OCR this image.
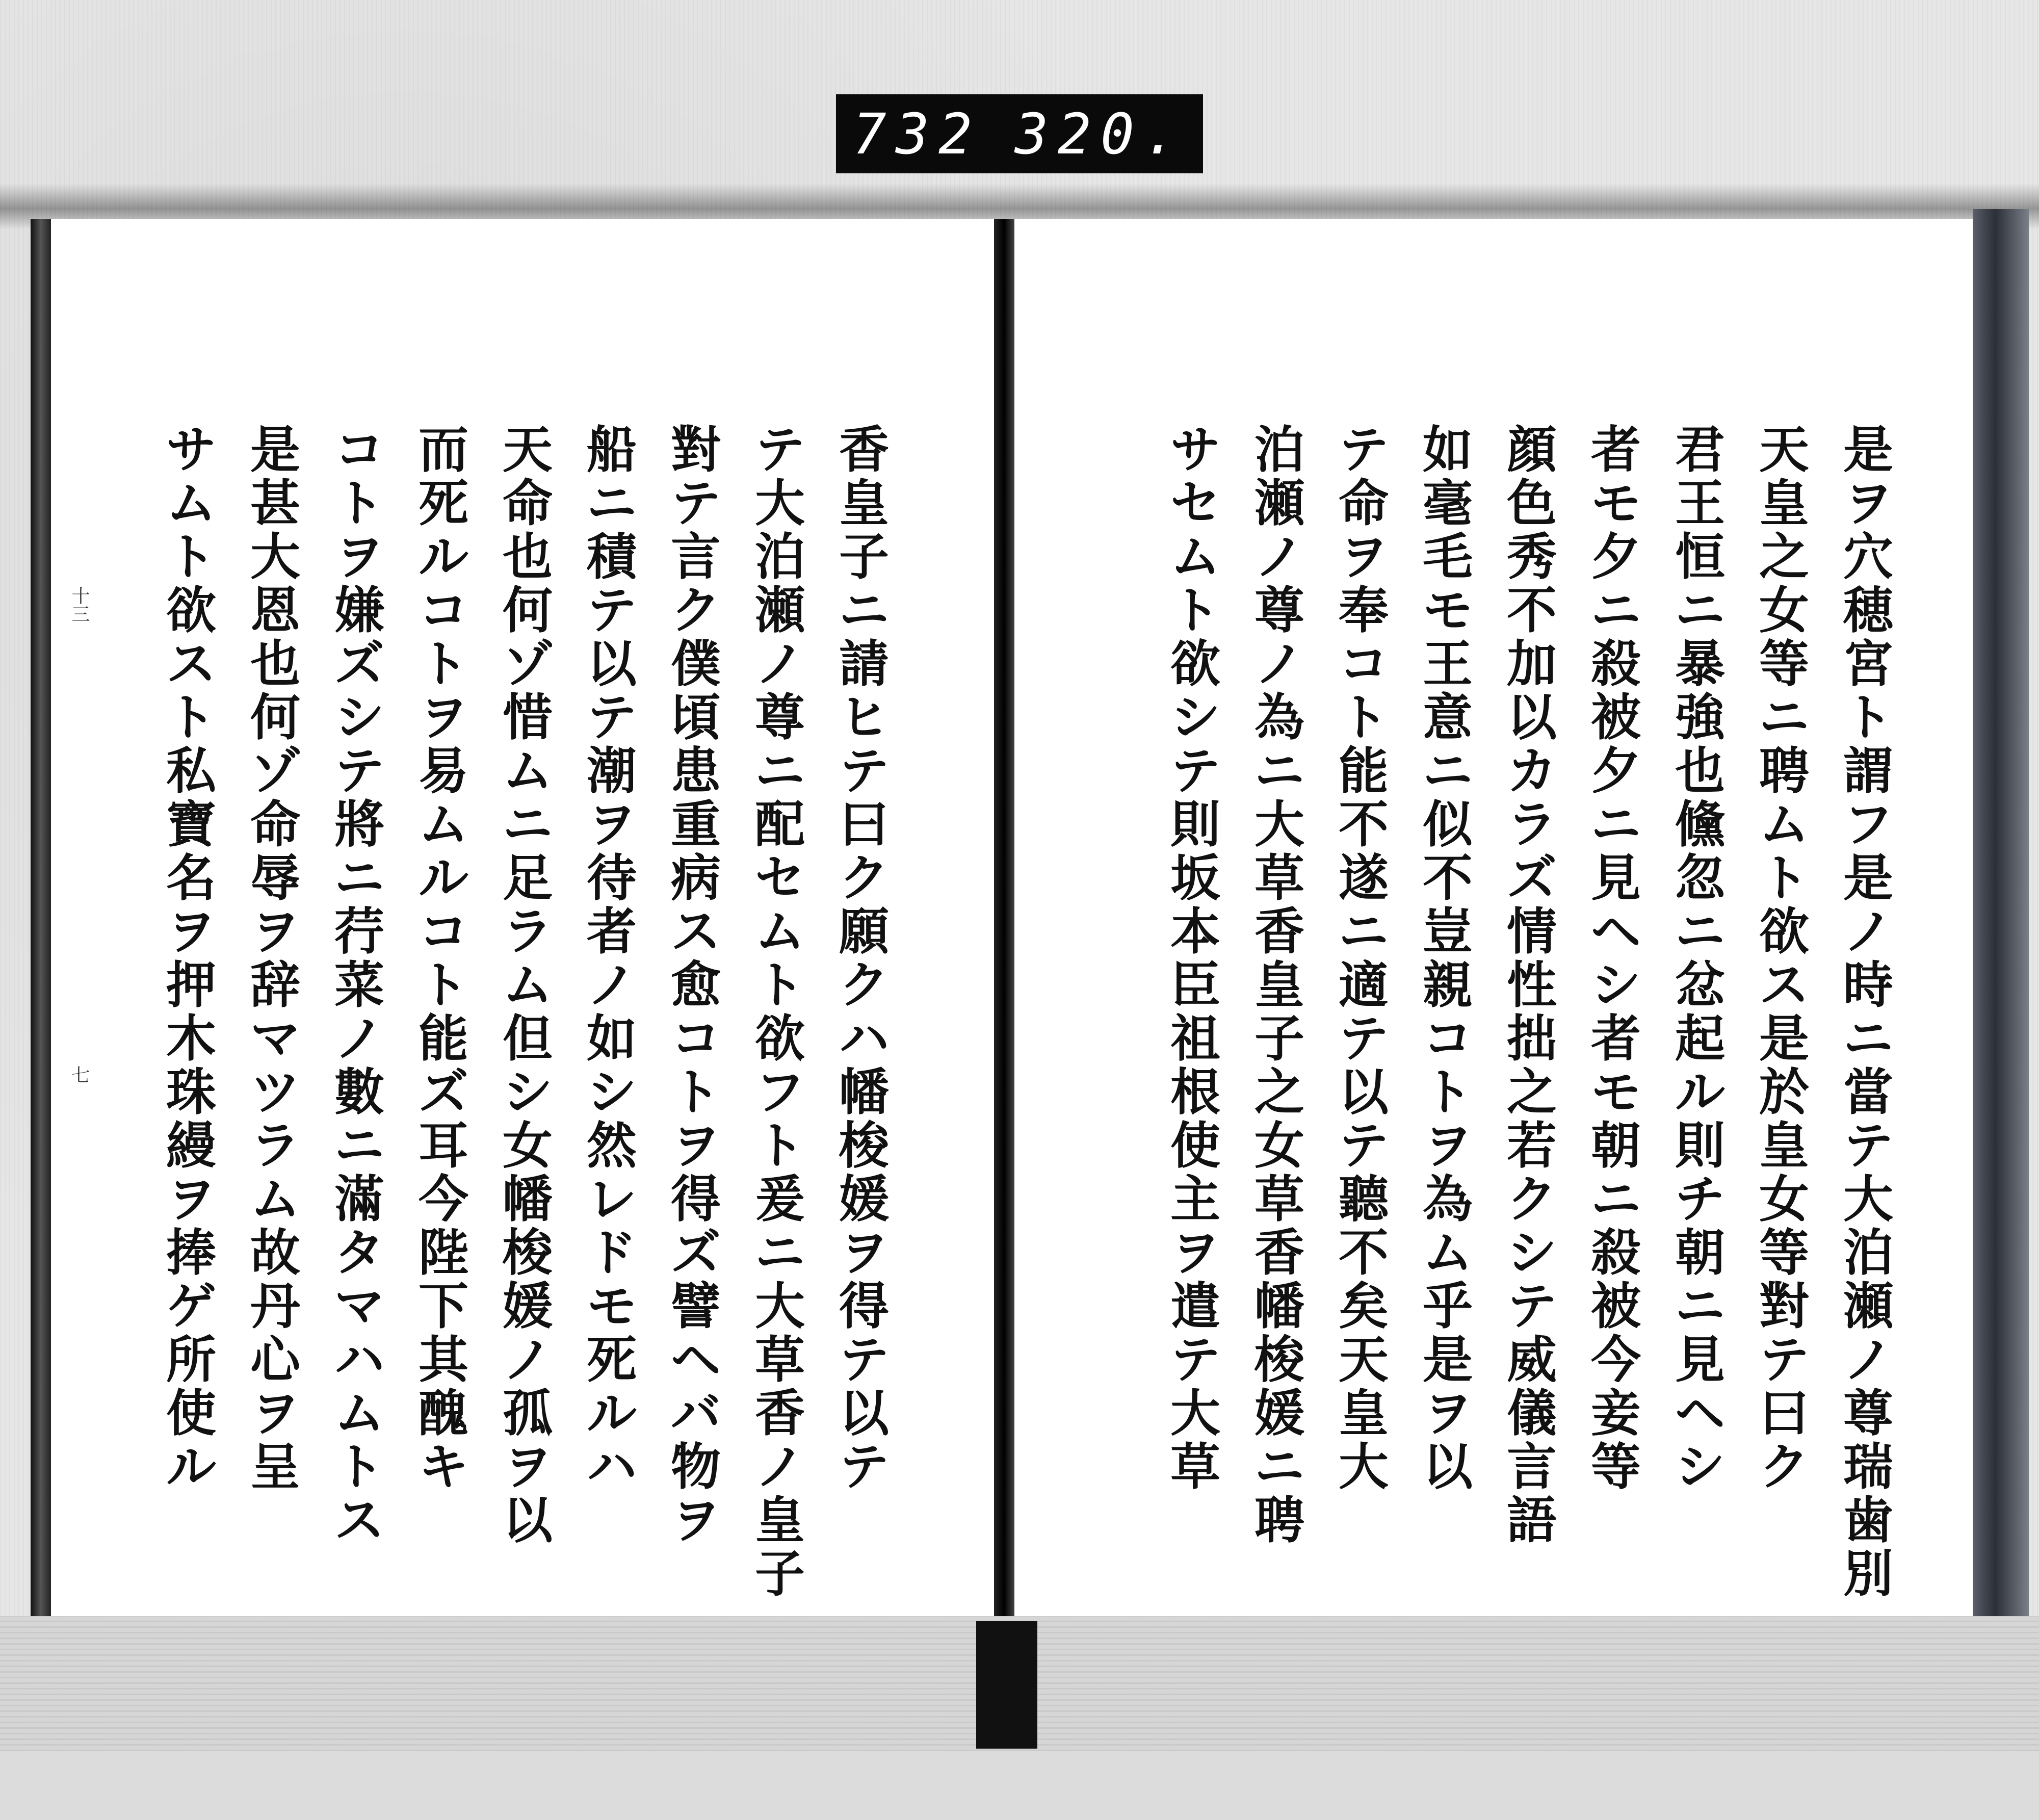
732 320.
十三
七
香
皇
子
ニ
請
ヒ
テ
曰
ク
願
ク
ハ
幡
梭
媛
ヲ
得
テ
以
テ
テ
大
泊
瀬
ノ
尊
ニ
配
セ
ム
ト
欲
フ
ト
爰
ニ
大
草
香
ノ
皇
子
對
テ
言
ク
僕
頃
患
重
病
ス
愈
コ
ト
ヲ
得
ズ
譬
ヘ
バ
物
ヲ
船
ニ
積
テ
以
テ
潮
ヲ
待
者
ノ
如
シ
然
レ
ド
モ
死
ル
ハ
天
命
也
何
ゾ
惜
ム
ニ
足
ラ
ム
但
シ
女
幡
梭
媛
ノ
孤
ヲ
以
而
死
ル
コ
ト
ヲ
易
ム
ル
コ
ト
能
ズ
耳
今
陛
下
其
醜
キ
コ
ト
ヲ
嫌
ズ
シ
テ
將
ニ
荇
菜
ノ
數
ニ
滿
タ
マ
ハ
ム
ト
ス
是
甚
大
恩
也
何
ゾ
命
辱
ヲ
辞
マ
ツ
ラ
ム
故
丹
心
ヲ
呈
サ
ム
ト
欲
ス
ト
私
寶
名
ヲ
押
木
珠
縵
ヲ
捧
ゲ
所
使
ル
是
ヲ
穴
穂
宮
ト
謂
フ
是
ノ
時
ニ
當
テ
大
泊
瀬
ノ
尊
瑞
歯
別
天
皇
之
女
等
ニ
聘
ム
ト
欲
ス
是
於
皇
女
等
對
テ
曰
ク
君
王
恒
ニ
暴
強
也
儵
忽
ニ
忿
起
ル
則
チ
朝
ニ
見
ヘ
シ
者
モ
夕
ニ
殺
被
夕
ニ
見
ヘ
シ
者
モ
朝
ニ
殺
被
今
妾
等
顔
色
秀
不
加
以
カ
ラ
ズ
情
性
拙
之
若
ク
シ
テ
威
儀
言
語
如
毫
毛
モ
王
意
ニ
似
不
豈
親
コ
ト
ヲ
為
ム
乎
是
ヲ
以
テ
命
ヲ
奉
コ
ト
能
不
遂
ニ
適
テ
以
テ
聽
不
矣
天
皇
大
泊
瀬
ノ
尊
ノ
為
ニ
大
草
香
皇
子
之
女
草
香
幡
梭
媛
ニ
聘
サ
セ
ム
ト
欲
シ
テ
則
坂
本
臣
祖
根
使
主
ヲ
遣
テ
大
草
